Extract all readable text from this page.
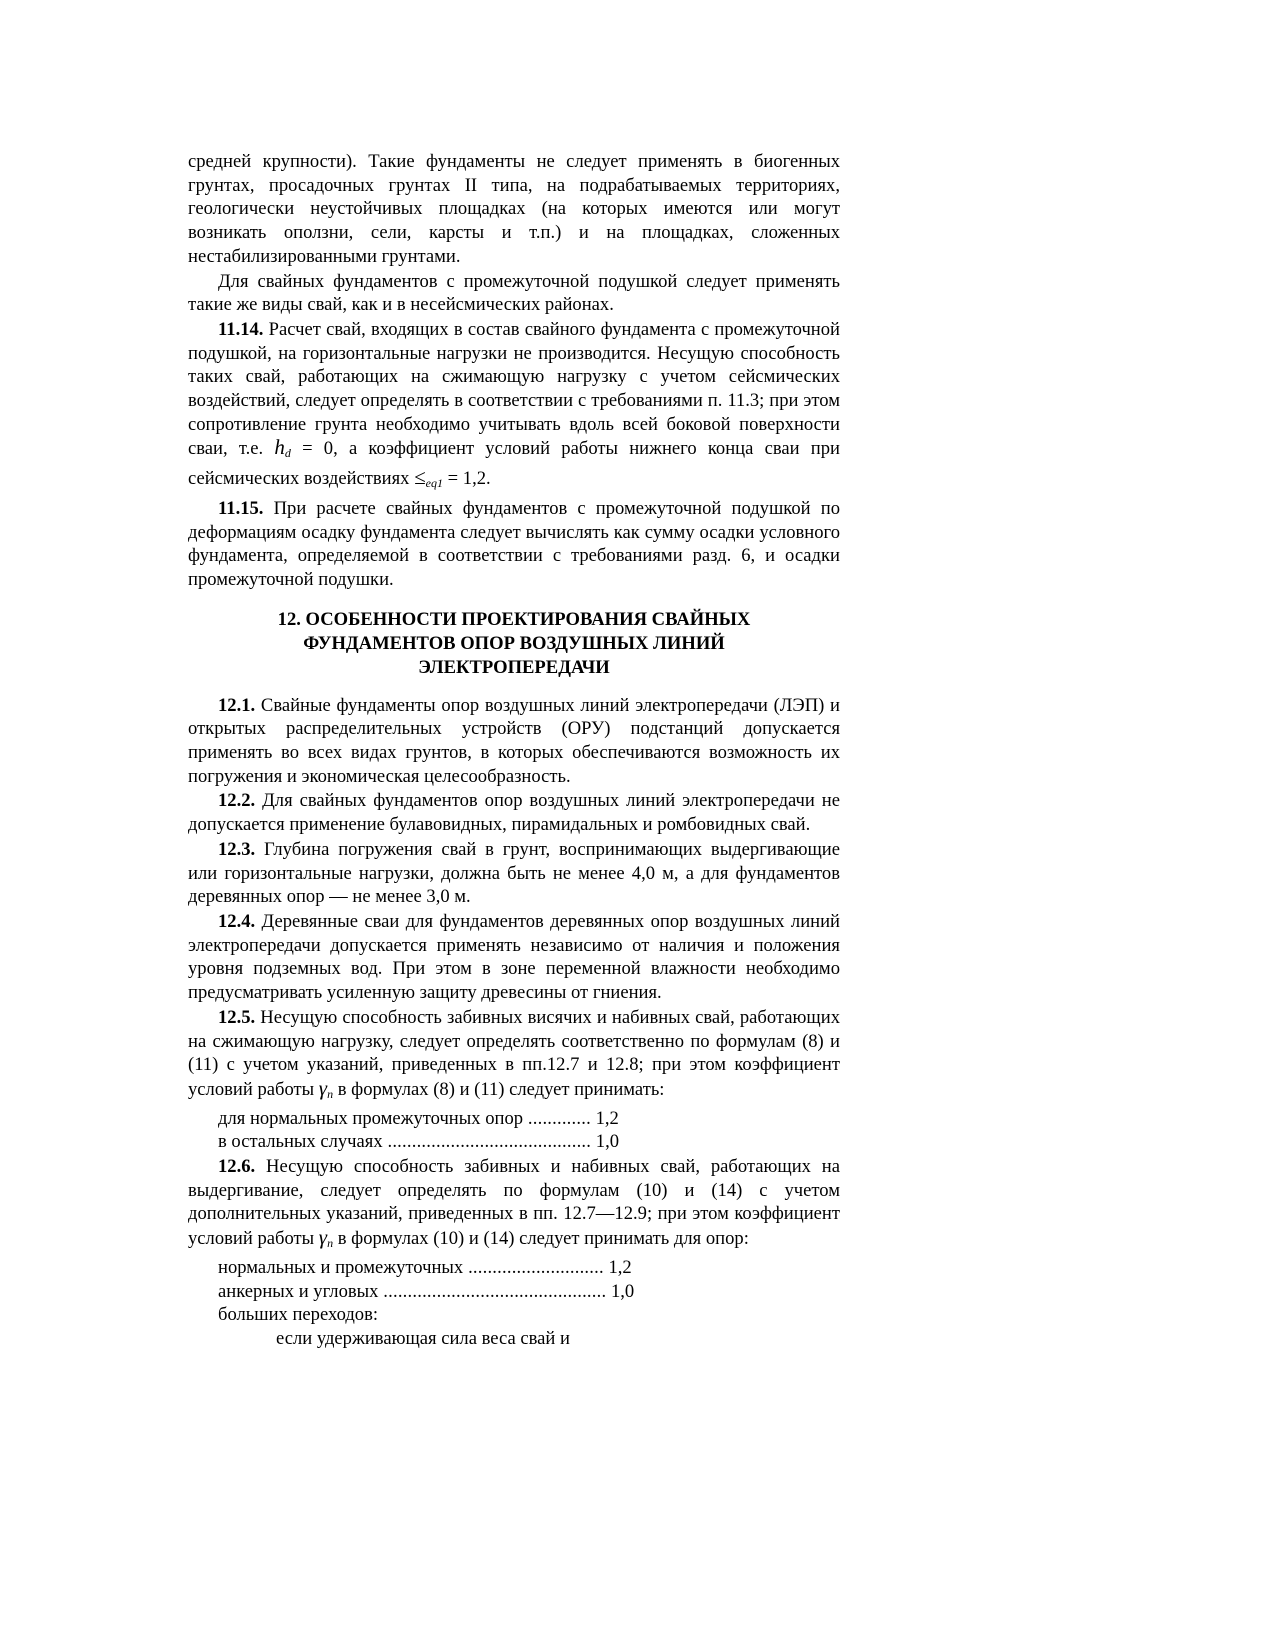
средней крупности). Такие фундаменты не следует применять в биогенных грунтах, просадочных грунтах II типа, на подрабатываемых территориях, геологически неустойчивых площадках (на которых имеются или могут возникать оползни, сели, карсты и т.п.) и на площадках, сложенных нестабилизированными грунтами.

Для свайных фундаментов с промежуточной подушкой следует применять такие же виды свай, как и в несейсмических районах.

11.14. Расчет свай, входящих в состав свайного фундамента с промежуточной подушкой, на горизонтальные нагрузки не производится. Несущую способность таких свай, работающих на сжимающую нагрузку с учетом сейсмических воздействий, следует определять в соответствии с требованиями п. 11.3; при этом сопротивление грунта необходимо учитывать вдоль всей боковой поверхности сваи, т.е. $h_d = 0$, а коэффициент условий работы нижнего конца сваи при сейсмических воздействиях $\le_{eq1} = 1,2$.

11.15. При расчете свайных фундаментов с промежуточной подушкой по деформациям осадку фундамента следует вычислять как сумму осадки условного фундамента, определяемой в соответствии с требованиями разд. 6, и осадки промежуточной подушки.

12. ОСОБЕННОСТИ ПРОЕКТИРОВАНИЯ СВАЙНЫХ
ФУНДАМЕНТОВ ОПОР ВОЗДУШНЫХ ЛИНИЙ
ЭЛЕКТРОПЕРЕДАЧИ

12.1. Свайные фундаменты опор воздушных линий электропередачи (ЛЭП) и открытых распределительных устройств (ОРУ) подстанций допускается применять во всех видах грунтов, в которых обеспечиваются возможность их погружения и экономическая целесообразность.

12.2. Для свайных фундаментов опор воздушных линий электропередачи не допускается применение булавовидных, пирамидальных и ромбовидных свай.

12.3. Глубина погружения свай в грунт, воспринимающих выдергивающие или горизонтальные нагрузки, должна быть не менее 4,0 м, а для фундаментов деревянных опор — не менее 3,0 м.

12.4. Деревянные сваи для фундаментов деревянных опор воздушных линий электропередачи допускается применять независимо от наличия и положения уровня подземных вод. При этом в зоне переменной влажности необходимо предусматривать усиленную защиту древесины от гниения.

12.5. Несущую способность забивных висячих и набивных свай, работающих на сжимающую нагрузку, следует определять соответственно по формулам (8) и (11) с учетом указаний, приведенных в пп.12.7 и 12.8; при этом коэффициент условий работы $\gamma_n$ в формулах (8) и (11) следует принимать:

для нормальных промежуточных опор ............. 1,2
в остальных случаях .......................................... 1,0

12.6. Несущую способность забивных и набивных свай, работающих на выдергивание, следует определять по формулам (10) и (14) с учетом дополнительных указаний, приведенных в пп. 12.7—12.9; при этом коэффициент условий работы $\gamma_n$ в формулах (10) и (14) следует принимать для опор:

нормальных и промежуточных ............................ 1,2
анкерных и угловых .............................................. 1,0
больших переходов:
если удерживающая сила веса свай и
